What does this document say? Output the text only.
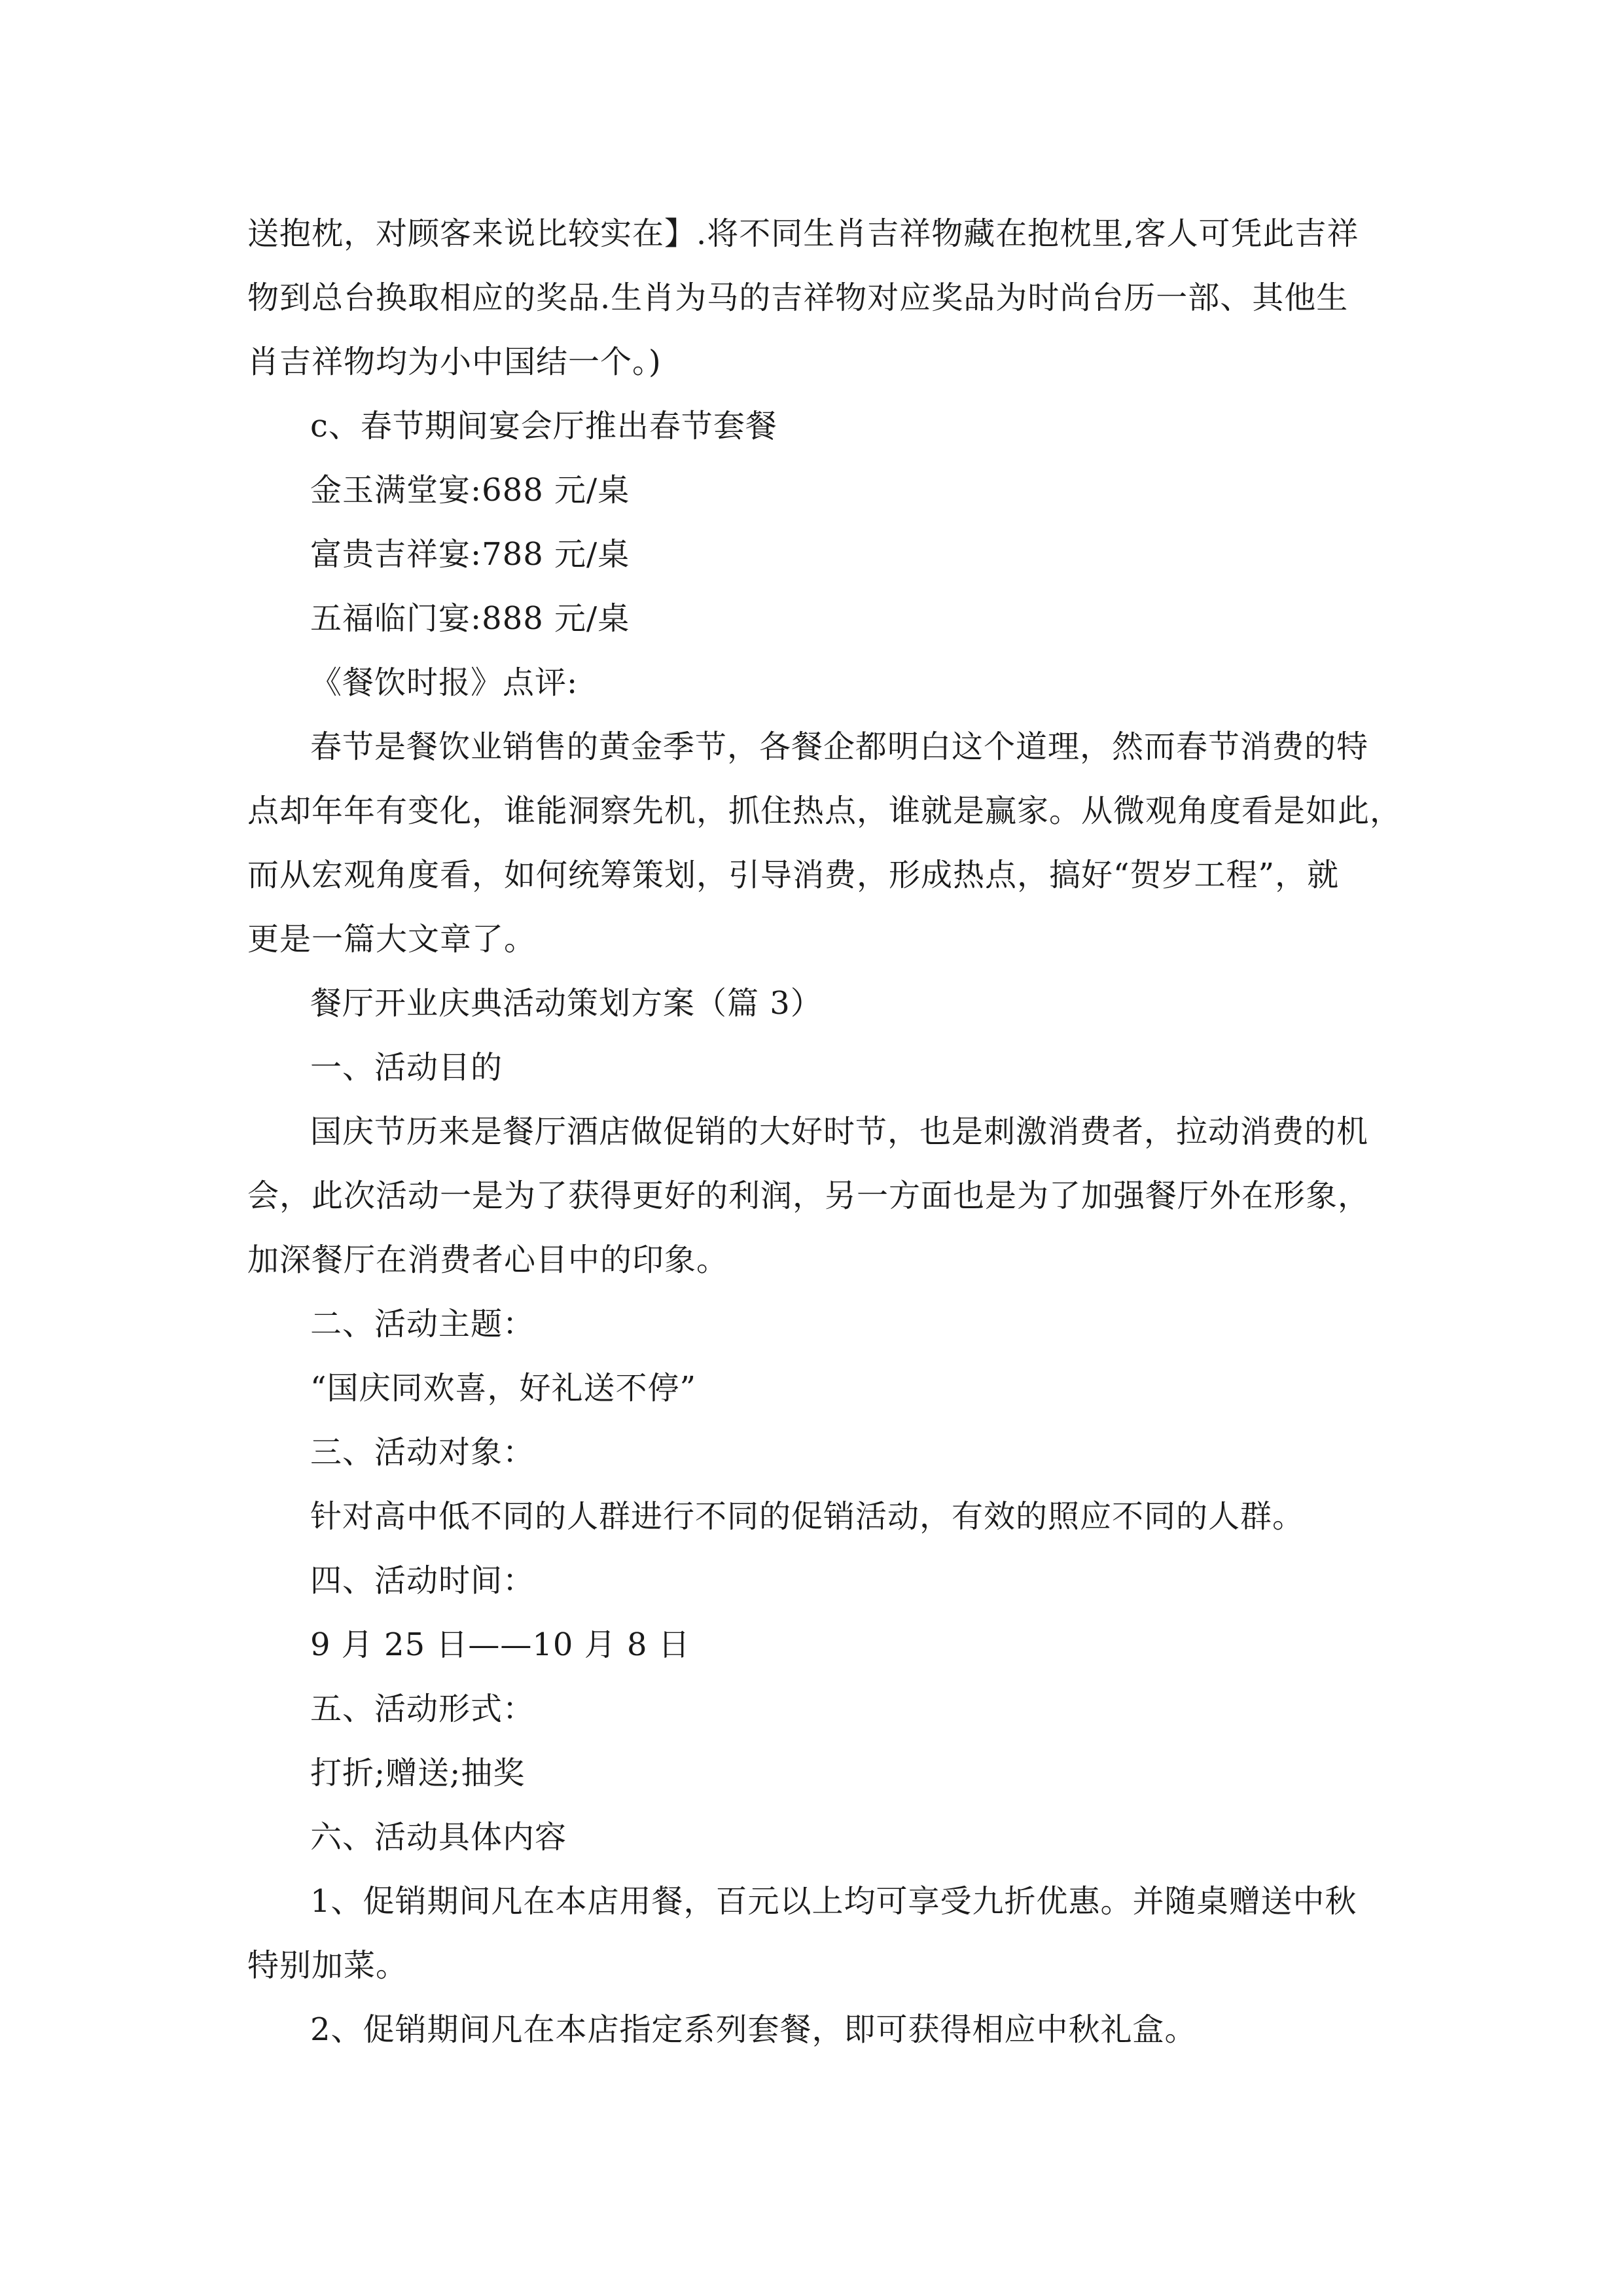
送抱枕，对顾客来说比较实在】.将不同生肖吉祥物藏在抱枕里,客人可凭此吉祥
物到总台换取相应的奖品.生肖为马的吉祥物对应奖品为时尚台历一部、其他生
肖吉祥物均为小中国结一个。)
c、春节期间宴会厅推出春节套餐
金玉满堂宴:688 元/桌
富贵吉祥宴:788 元/桌
五福临门宴:888 元/桌
《餐饮时报》点评:
春节是餐饮业销售的黄金季节，各餐企都明白这个道理，然而春节消费的特
点却年年有变化，谁能洞察先机，抓住热点，谁就是赢家。从微观角度看是如此，
而从宏观角度看，如何统筹策划，引导消费，形成热点，搞好“贺岁工程”，就
更是一篇大文章了。
餐厅开业庆典活动策划方案（篇 3）
一、活动目的
国庆节历来是餐厅酒店做促销的大好时节，也是刺激消费者，拉动消费的机
会，此次活动一是为了获得更好的利润，另一方面也是为了加强餐厅外在形象，
加深餐厅在消费者心目中的印象。
二、活动主题：
“国庆同欢喜，好礼送不停”
三、活动对象：
针对高中低不同的人群进行不同的促销活动，有效的照应不同的人群。
四、活动时间：
9 月 25 日——10 月 8 日
五、活动形式：
打折;赠送;抽奖
六、活动具体内容
1、促销期间凡在本店用餐，百元以上均可享受九折优惠。并随桌赠送中秋
特别加菜。
2、促销期间凡在本店指定系列套餐，即可获得相应中秋礼盒。
